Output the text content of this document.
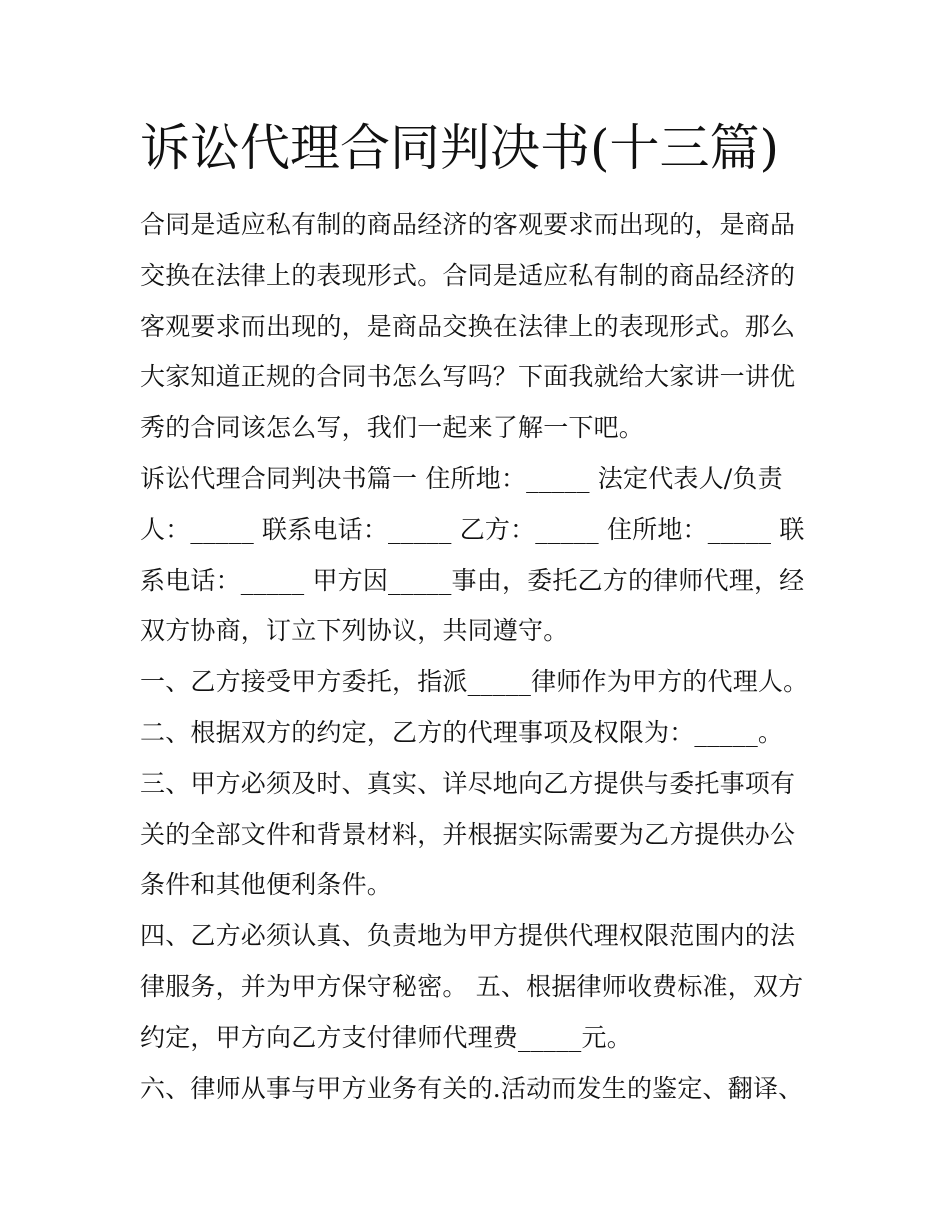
诉讼代理合同判决书(十三篇)

合同是适应私有制的商品经济的客观要求而出现的，是商品交换在法律上的表现形式。合同是适应私有制的商品经济的客观要求而出现的，是商品交换在法律上的表现形式。那么大家知道正规的合同书怎么写吗？下面我就给大家讲一讲优秀的合同该怎么写，我们一起来了解一下吧。

诉讼代理合同判决书篇一 住所地：_____ 法定代表人/负责人：_____ 联系电话：_____ 乙方：_____ 住所地：_____ 联系电话：_____ 甲方因_____事由，委托乙方的律师代理，经双方协商，订立下列协议，共同遵守。

一、乙方接受甲方委托，指派_____律师作为甲方的代理人。

二、根据双方的约定，乙方的代理事项及权限为：_____。

三、甲方必须及时、真实、详尽地向乙方提供与委托事项有关的全部文件和背景材料，并根据实际需要为乙方提供办公条件和其他便利条件。

四、乙方必须认真、负责地为甲方提供代理权限范围内的法律服务，并为甲方保守秘密。 五、根据律师收费标准，双方约定，甲方向乙方支付律师代理费_____元。

六、律师从事与甲方业务有关的.活动而发生的鉴定、翻译、
